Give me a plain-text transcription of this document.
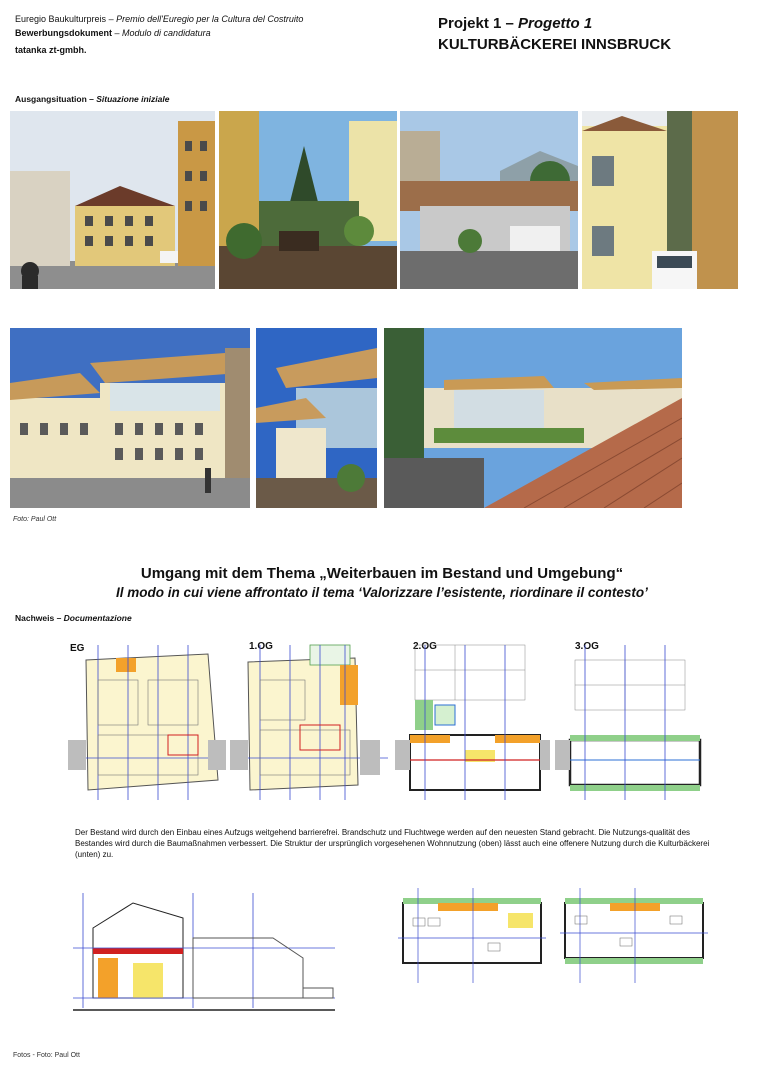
Euregio Baukulturpreis – Premio dell'Euregio per la Cultura del Costruito
Bewerbungsdokument – Modulo di candidatura
tatanka zt-gmbh.
Projekt 1 – Progetto 1
KULTURBÄCKEREI INNSBRUCK
Ausgangsituation – Situazione iniziale
Foto: Paul Ott
Umgang mit dem Thema „Weiterbauen im Bestand und Umgebung“
Il modo in cui viene affrontato il tema ‘Valorizzare l’esistente, riordinare il contesto’
Nachweis – Documentazione
EG	1.OG	2.OG	3.OG
Der Bestand wird durch den Einbau eines Aufzugs weitgehend barrierefrei. Brandschutz und Fluchtwege werden auf den neuesten Stand gebracht. Die Nutzungs-qualität des Bestandes wird durch die Baumaßnahmen verbessert. Die Struktur der ursprünglich vorgesehenen Wohnnutzung (oben) lässt auch eine offenere Nutzung durch die Kulturbäckerei (unten) zu.
Fotos - Foto: Paul Ott
